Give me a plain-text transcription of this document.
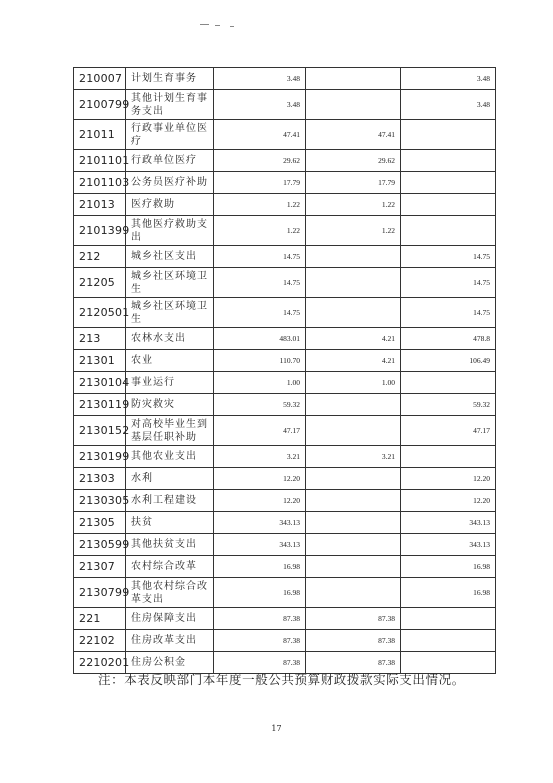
210007	计划生育事务	3.48		3.48
2100799	其他计划生育事务支出	3.48		3.48
21011	行政事业单位医疗	47.41	47.41	
2101101	行政单位医疗	29.62	29.62	
2101103	公务员医疗补助	17.79	17.79	
21013	医疗救助	1.22	1.22	
2101399	其他医疗救助支出	1.22	1.22	
212	城乡社区支出	14.75		14.75
21205	城乡社区环境卫生	14.75		14.75
2120501	城乡社区环境卫生	14.75		14.75
213	农林水支出	483.01	4.21	478.8
21301	农业	110.70	4.21	106.49
2130104	事业运行	1.00	1.00	
2130119	防灾救灾	59.32		59.32
2130152	对高校毕业生到基层任职补助	47.17		47.17
2130199	其他农业支出	3.21	3.21	
21303	水利	12.20		12.20
2130305	水利工程建设	12.20		12.20
21305	扶贫	343.13		343.13
2130599	其他扶贫支出	343.13		343.13
21307	农村综合改革	16.98		16.98
2130799	其他农村综合改革支出	16.98		16.98
221	住房保障支出	87.38	87.38	
22102	住房改革支出	87.38	87.38	
2210201	住房公积金	87.38	87.38	
注：本表反映部门本年度一般公共预算财政拨款实际支出情况。
17
